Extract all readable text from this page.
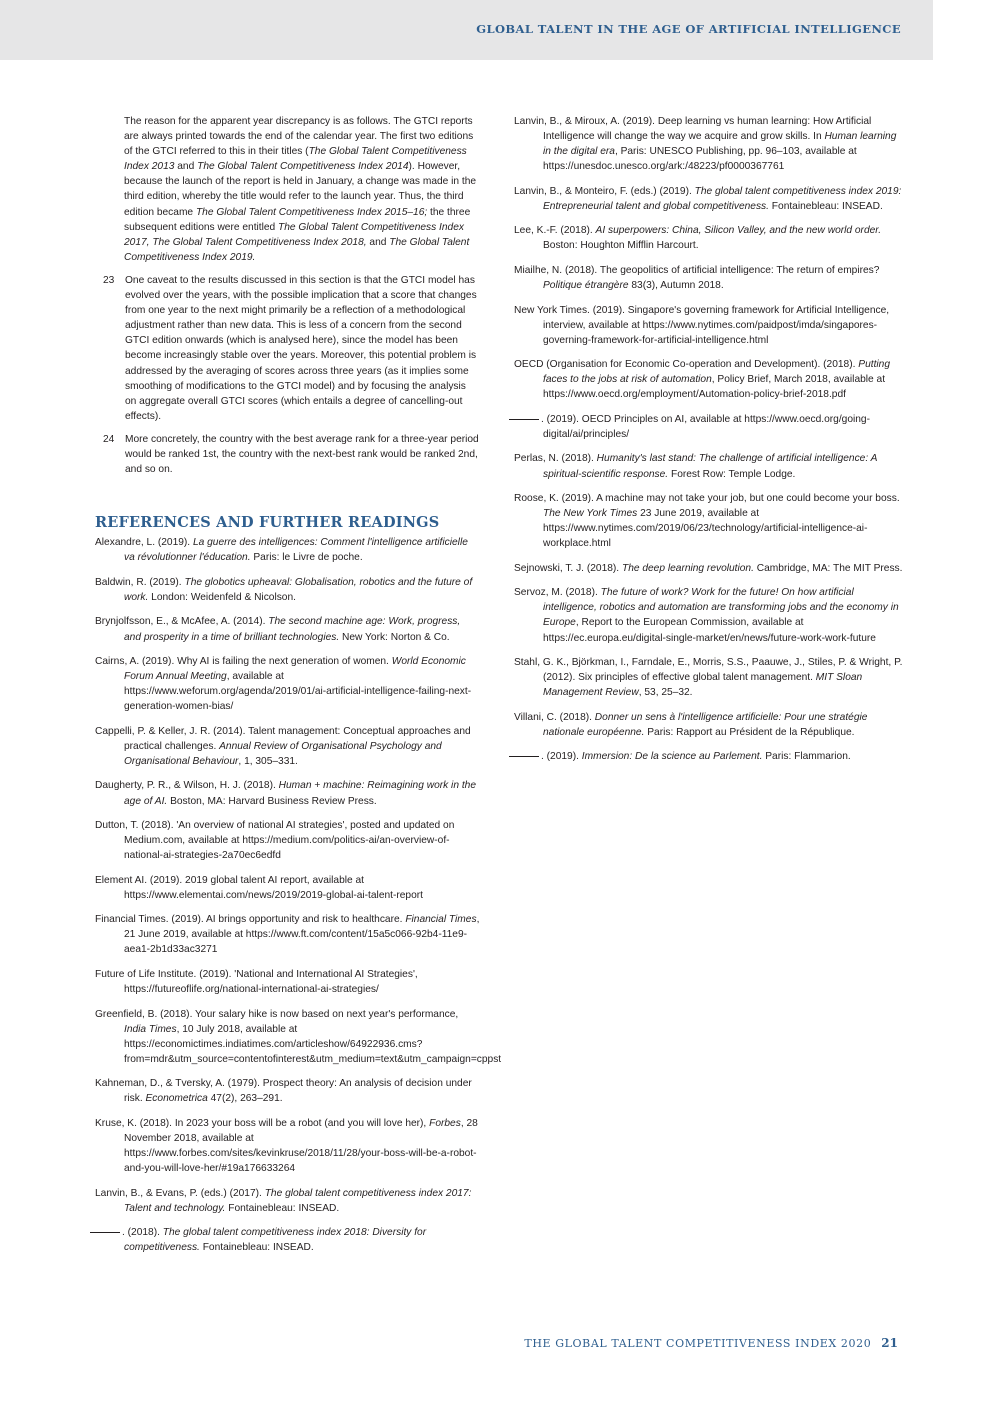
GLOBAL TALENT IN THE AGE OF ARTIFICIAL INTELLIGENCE
The reason for the apparent year discrepancy is as follows. The GTCI reports are always printed towards the end of the calendar year. The first two editions of the GTCI referred to this in their titles (The Global Talent Competitiveness Index 2013 and The Global Talent Competitiveness Index 2014). However, because the launch of the report is held in January, a change was made in the third edition, whereby the title would refer to the launch year. Thus, the third edition became The Global Talent Competitiveness Index 2015–16; the three subsequent editions were entitled The Global Talent Competitiveness Index 2017, The Global Talent Competitiveness Index 2018, and The Global Talent Competitiveness Index 2019.
23 One caveat to the results discussed in this section is that the GTCI model has evolved over the years, with the possible implication that a score that changes from one year to the next might primarily be a reflection of a methodological adjustment rather than new data. This is less of a concern from the second GTCI edition onwards (which is analysed here), since the model has been become increasingly stable over the years. Moreover, this potential problem is addressed by the averaging of scores across three years (as it implies some smoothing of modifications to the GTCI model) and by focusing the analysis on aggregate overall GTCI scores (which entails a degree of cancelling-out effects).
24 More concretely, the country with the best average rank for a three-year period would be ranked 1st, the country with the next-best rank would be ranked 2nd, and so on.
REFERENCES AND FURTHER READINGS
Alexandre, L. (2019). La guerre des intelligences: Comment l'intelligence artificielle va révolutionner l'éducation. Paris: le Livre de poche.
Baldwin, R. (2019). The globotics upheaval: Globalisation, robotics and the future of work. London: Weidenfeld & Nicolson.
Brynjolfsson, E., & McAfee, A. (2014). The second machine age: Work, progress, and prosperity in a time of brilliant technologies. New York: Norton & Co.
Cairns, A. (2019). Why AI is failing the next generation of women. World Economic Forum Annual Meeting, available at https://www.weforum.org/agenda/2019/01/ai-artificial-intelligence-failing-next-generation-women-bias/
Cappelli, P. & Keller, J. R. (2014). Talent management: Conceptual approaches and practical challenges. Annual Review of Organisational Psychology and Organisational Behaviour, 1, 305–331.
Daugherty, P. R., & Wilson, H. J. (2018). Human + machine: Reimagining work in the age of AI. Boston, MA: Harvard Business Review Press.
Dutton, T. (2018). 'An overview of national AI strategies', posted and updated on Medium.com, available at https://medium.com/politics-ai/an-overview-of-national-ai-strategies-2a70ec6edfd
Element AI. (2019). 2019 global talent AI report, available at https://www.elementai.com/news/2019/2019-global-ai-talent-report
Financial Times. (2019). AI brings opportunity and risk to healthcare. Financial Times, 21 June 2019, available at https://www.ft.com/content/15a5c066-92b4-11e9-aea1-2b1d33ac3271
Future of Life Institute. (2019). 'National and International AI Strategies', https://futureoflife.org/national-international-ai-strategies/
Greenfield, B. (2018). Your salary hike is now based on next year's performance, India Times, 10 July 2018, available at https://economictimes.indiatimes.com/articleshow/64922936.cms?from=mdr&utm_source=contentofinterest&utm_medium=text&utm_campaign=cppst
Kahneman, D., & Tversky, A. (1979). Prospect theory: An analysis of decision under risk. Econometrica 47(2), 263–291.
Kruse, K. (2018). In 2023 your boss will be a robot (and you will love her), Forbes, 28 November 2018, available at https://www.forbes.com/sites/kevinkruse/2018/11/28/your-boss-will-be-a-robot-and-you-will-love-her/#19a176633264
Lanvin, B., & Evans, P. (eds.) (2017). The global talent competitiveness index 2017: Talent and technology. Fontainebleau: INSEAD.
. (2018). The global talent competitiveness index 2018: Diversity for competitiveness. Fontainebleau: INSEAD.
Lanvin, B., & Miroux, A. (2019). Deep learning vs human learning: How Artificial Intelligence will change the way we acquire and grow skills. In Human learning in the digital era, Paris: UNESCO Publishing, pp. 96–103, available at https://unesdoc.unesco.org/ark:/48223/pf0000367761
Lanvin, B., & Monteiro, F. (eds.) (2019). The global talent competitiveness index 2019: Entrepreneurial talent and global competitiveness. Fontainebleau: INSEAD.
Lee, K.-F. (2018). AI superpowers: China, Silicon Valley, and the new world order. Boston: Houghton Mifflin Harcourt.
Miailhe, N. (2018). The geopolitics of artificial intelligence: The return of empires? Politique étrangère 83(3), Autumn 2018.
New York Times. (2019). Singapore's governing framework for Artificial Intelligence, interview, available at https://www.nytimes.com/paidpost/imda/singapores-governing-framework-for-artificial-intelligence.html
OECD (Organisation for Economic Co-operation and Development). (2018). Putting faces to the jobs at risk of automation, Policy Brief, March 2018, available at https://www.oecd.org/employment/Automation-policy-brief-2018.pdf
. (2019). OECD Principles on AI, available at https://www.oecd.org/going-digital/ai/principles/
Perlas, N. (2018). Humanity's last stand: The challenge of artificial intelligence: A spiritual-scientific response. Forest Row: Temple Lodge.
Roose, K. (2019). A machine may not take your job, but one could become your boss. The New York Times 23 June 2019, available at https://www.nytimes.com/2019/06/23/technology/artificial-intelligence-ai-workplace.html
Sejnowski, T. J. (2018). The deep learning revolution. Cambridge, MA: The MIT Press.
Servoz, M. (2018). The future of work? Work for the future! On how artificial intelligence, robotics and automation are transforming jobs and the economy in Europe, Report to the European Commission, available at https://ec.europa.eu/digital-single-market/en/news/future-work-work-future
Stahl, G. K., Björkman, I., Farndale, E., Morris, S.S., Paauwe, J., Stiles, P. & Wright, P. (2012). Six principles of effective global talent management. MIT Sloan Management Review, 53, 25–32.
Villani, C. (2018). Donner un sens à l'intelligence artificielle: Pour une stratégie nationale européenne. Paris: Rapport au Président de la République.
. (2019). Immersion: De la science au Parlement. Paris: Flammarion.
THE GLOBAL TALENT COMPETITIVENESS INDEX 2020 21
